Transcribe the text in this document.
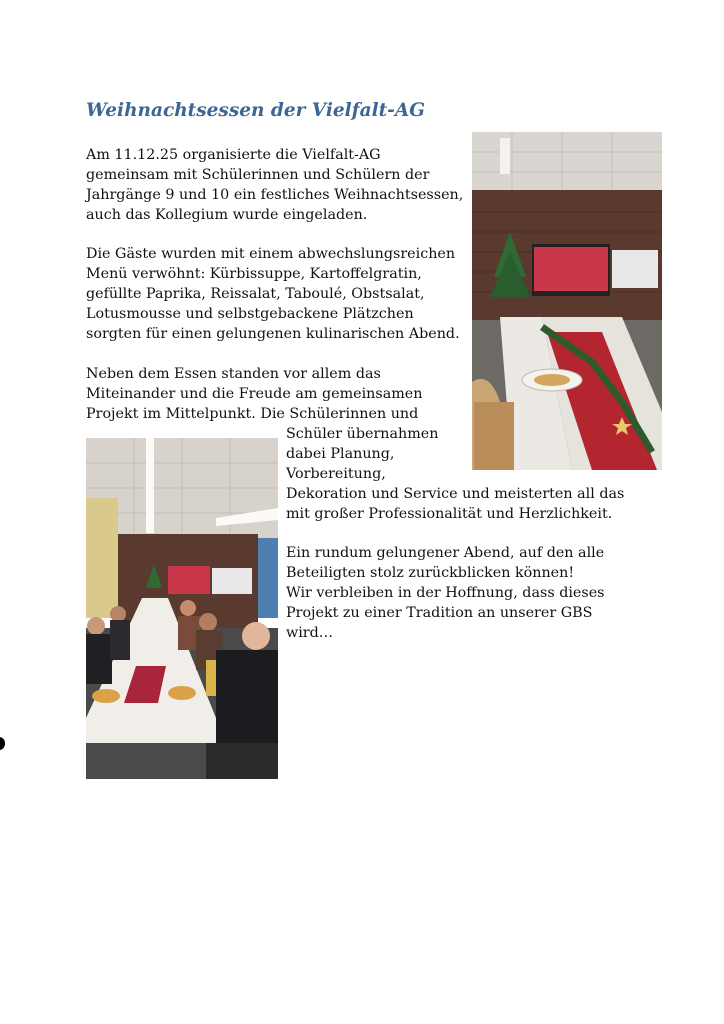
Weihnachtsessen der Vielfalt-AG

Am 11.12.25 organisierte die Vielfalt-AG

gemeinsam mit Schülerinnen und Schülern der

Jahrgänge 9 und 10 ein festliches Weihnachtsessen,

auch das Kollegium wurde eingeladen.

Die Gäste wurden mit einem abwechslungsreichen

Menü verwöhnt: Kürbissuppe, Kartoffelgratin,

gefüllte Paprika, Reissalat, Taboulé, Obstsalat,

Lotusmousse und selbstgebackene Plätzchen

sorgten für einen gelungenen kulinarischen Abend.

Neben dem Essen standen vor allem das

Miteinander und die Freude am gemeinsamen

Projekt im Mittelpunkt. Die Schülerinnen und

Schüler übernahmen

dabei Planung,

Vorbereitung,

Dekoration und Service und meisterten all das

mit großer Professionalität und Herzlichkeit.

Ein rundum gelungener Abend, auf den alle

Beteiligten stolz zurückblicken können!

Wir verbleiben in der Hoffnung, dass dieses

Projekt zu einer Tradition an unserer GBS

wird…
